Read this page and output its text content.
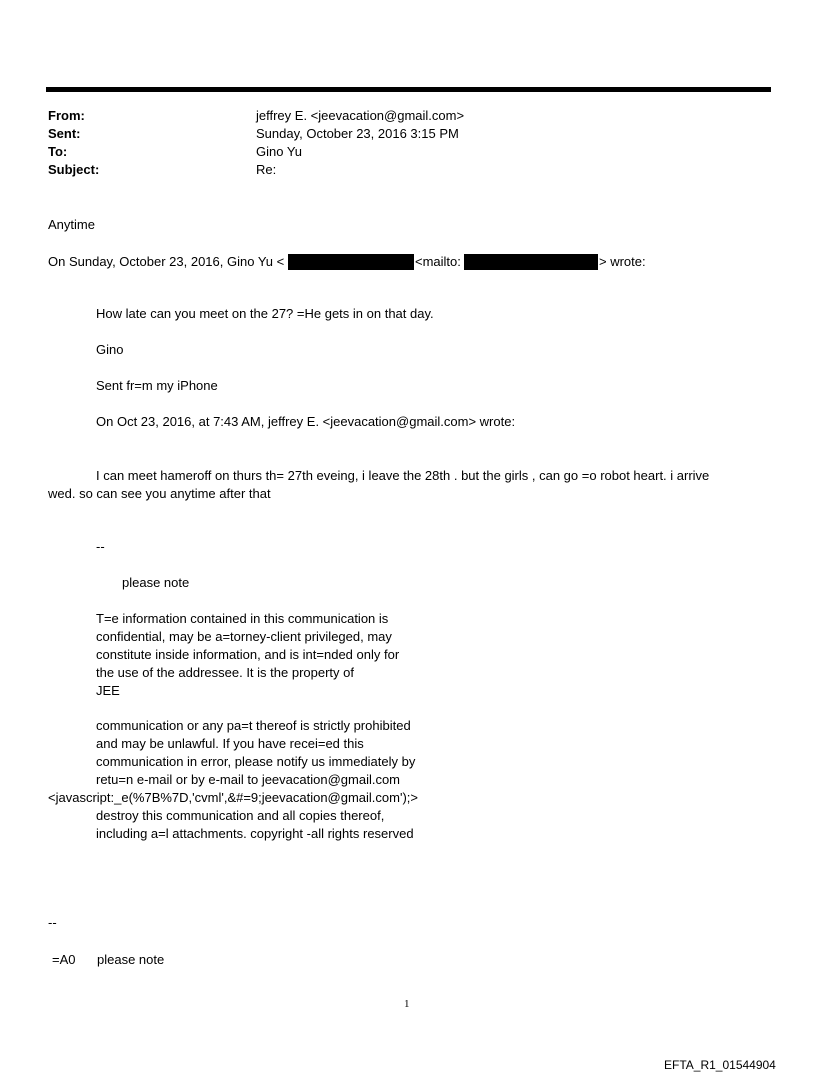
From:	jeffrey E. <jeevacation@gmail.com>
Sent:	Sunday, October 23, 2016 3:15 PM
To:	Gino Yu
Subject:	Re:
Anytime
On Sunday, October 23, 2016, Gino Yu <	<mailto:	> wrote:
How late can you meet on the 27? =He gets in on that day.
Gino
Sent fr=m my iPhone
On Oct 23, 2016, at 7:43 AM, jeffrey E. <jeevacation@gmail.com> wrote:
I can meet hameroff on thurs th= 27th eveing, i leave the 28th . but the girls , can go =o robot heart. i arrive
wed. so can see you anytime after that
--
please note
T=e information contained in this communication is
confidential, may be a=torney-client privileged, may
constitute inside information, and is int=nded only for
the use of the addressee. It is the property of
JEE
communication or any pa=t thereof is strictly prohibited
and may be unlawful. If you have recei=ed this
communication in error, please notify us immediately by
retu=n e-mail or by e-mail to jeevacation@gmail.com
<javascript:_e(%7B%7D,'cvml',&#=9;jeevacation@gmail.com');>
destroy this communication and all copies thereof,
including a=l attachments. copyright -all rights reserved
--
=A0 please note
1
EFTA_R1_01544904
